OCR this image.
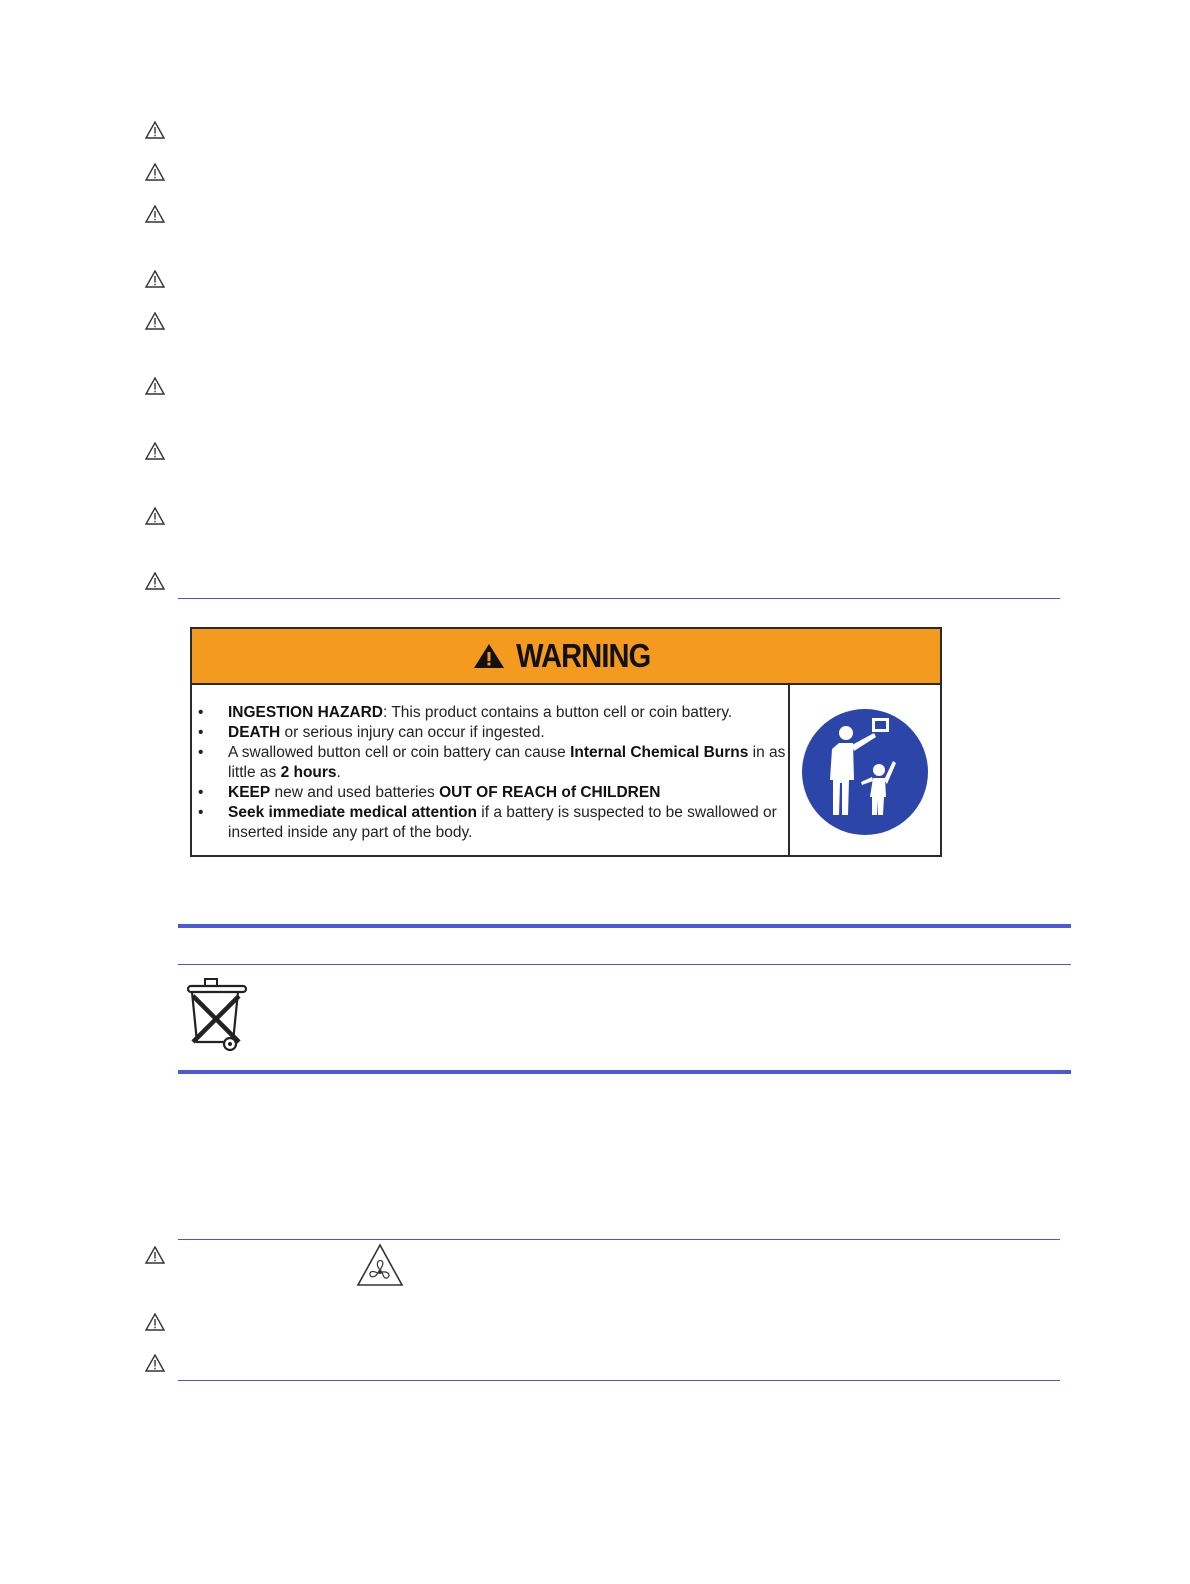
WARNING
• INGESTION HAZARD: This product contains a button cell or coin battery.
• DEATH or serious injury can occur if ingested.
• A swallowed button cell or coin battery can cause Internal Chemical Burns in as little as 2 hours.
• KEEP new and used batteries OUT OF REACH of CHILDREN
• Seek immediate medical attention if a battery is suspected to be swallowed or inserted inside any part of the body.
